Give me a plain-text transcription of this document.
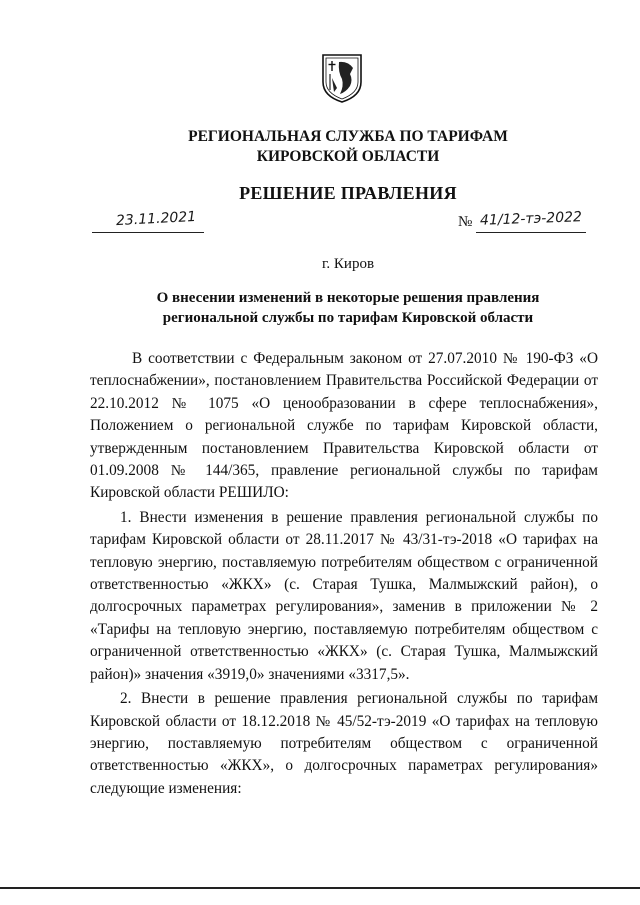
РЕГИОНАЛЬНАЯ СЛУЖБА ПО ТАРИФАМ
КИРОВСКОЙ ОБЛАСТИ
РЕШЕНИЕ ПРАВЛЕНИЯ
23.11.2021	№ 41/12-тэ-2022
г. Киров
О внесении изменений в некоторые решения правления
региональной службы по тарифам Кировской области

В соответствии с Федеральным законом от 27.07.2010 № 190-ФЗ «О теплоснабжении», постановлением Правительства Российской Федерации от 22.10.2012 № 1075 «О ценообразовании в сфере теплоснабжения», Положением о региональной службе по тарифам Кировской области, утвержденным постановлением Правительства Кировской области от 01.09.2008 № 144/365, правление региональной службы по тарифам Кировской области РЕШИЛО:

1. Внести изменения в решение правления региональной службы по тарифам Кировской области от 28.11.2017 № 43/31-тэ-2018 «О тарифах на тепловую энергию, поставляемую потребителям обществом с ограниченной ответственностью «ЖКХ» (с. Старая Тушка, Малмыжский район), о долгосрочных параметрах регулирования», заменив в приложении № 2 «Тарифы на тепловую энергию, поставляемую потребителям обществом с ограниченной ответственностью «ЖКХ» (с. Старая Тушка, Малмыжский район)» значения «3919,0» значениями «3317,5».

2. Внести в решение правления региональной службы по тарифам Кировской области от 18.12.2018 № 45/52-тэ-2019 «О тарифах на тепловую энергию, поставляемую потребителям обществом с ограниченной ответственностью «ЖКХ», о долгосрочных параметрах регулирования» следующие изменения:
